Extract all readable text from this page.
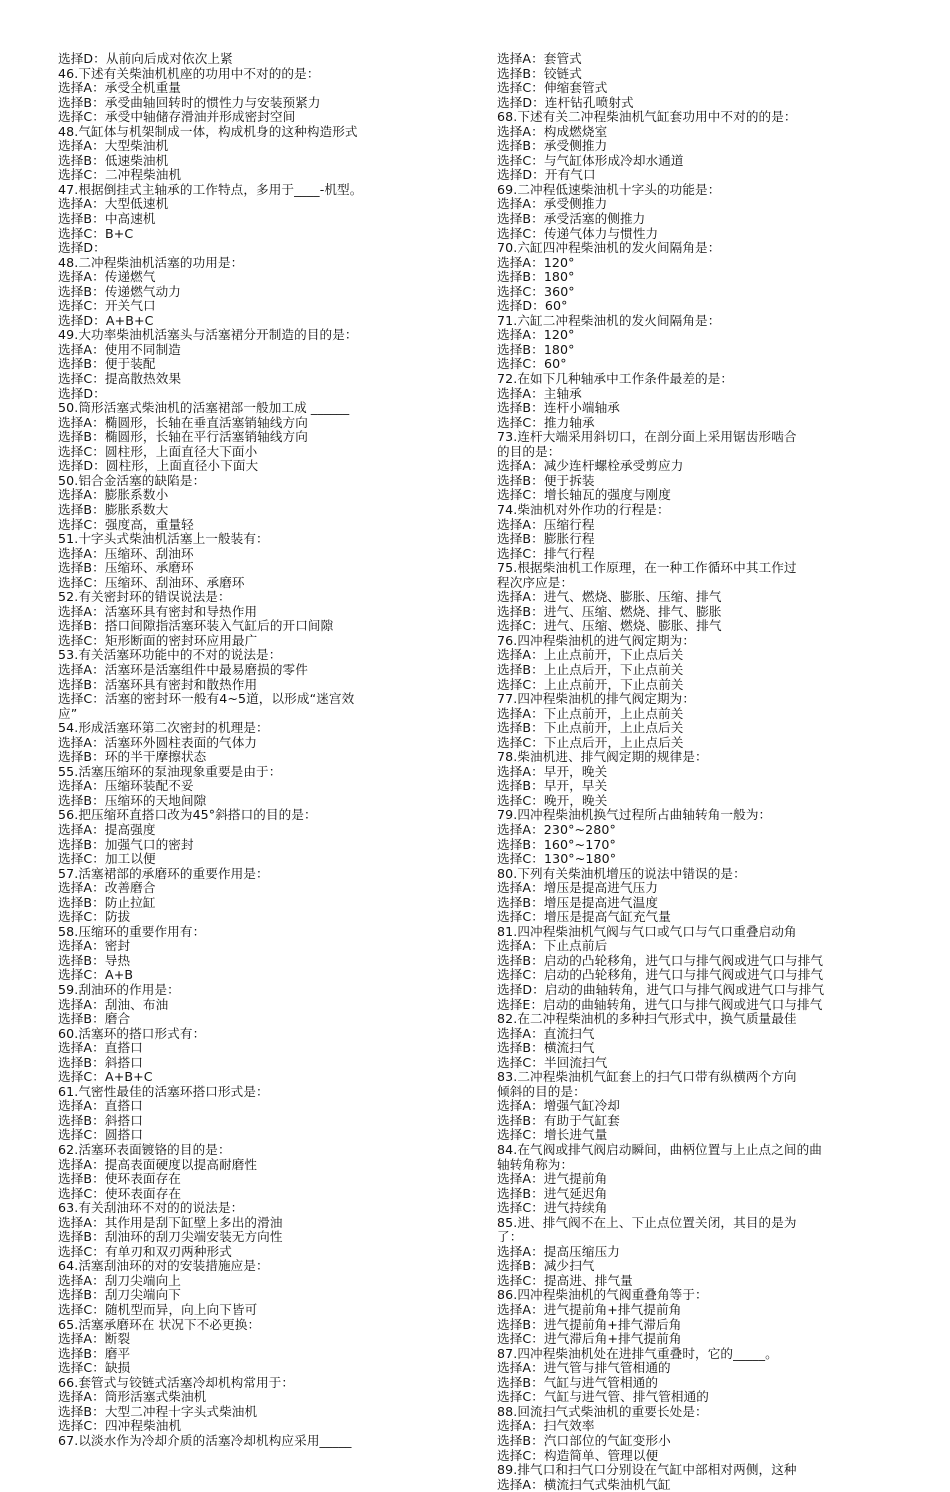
选择D：从前向后成对依次上紧
46.下述有关柴油机机座的功用中不对的的是：
选择A：承受全机重量
选择B：承受曲轴回转时的惯性力与安装预紧力
选择C：承受中轴储存滑油并形成密封空间
48.气缸体与机架制成一体，构成机身的这种构造形式
选择A：大型柴油机
选择B：低速柴油机
选择C：二冲程柴油机
47.根据倒挂式主轴承的工作特点，多用于____-机型。
选择A：大型低速机
选择B：中高速机
选择C：B+C
选择D：
48.二冲程柴油机活塞的功用是：
选择A：传递燃气
选择B：传递燃气动力
选择C：开关气口
选择D：A+B+C
49.大功率柴油机活塞头与活塞裙分开制造的目的是：
选择A：使用不同制造
选择B：便于装配
选择C：提高散热效果
选择D：
50.筒形活塞式柴油机的活塞裙部一般加工成 ______
选择A：椭圆形，长轴在垂直活塞销轴线方向
选择B：椭圆形，长轴在平行活塞销轴线方向
选择C：圆柱形，上面直径大下面小
选择D：圆柱形，上面直径小下面大
50.铝合金活塞的缺陷是：
选择A：膨胀系数小
选择B：膨胀系数大
选择C：强度高，重量轻
51.十字头式柴油机活塞上一般装有：
选择A：压缩环、刮油环
选择B：压缩环、承磨环
选择C：压缩环、刮油环、承磨环
52.有关密封环的错误说法是：
选择A：活塞环具有密封和导热作用
选择B：搭口间隙指活塞环装入气缸后的开口间隙
选择C：矩形断面的密封环应用最广
53.有关活塞环功能中的不对的说法是：
选择A：活塞环是活塞组件中最易磨损的零件
选择B：活塞环具有密封和散热作用
选择C：活塞的密封环一般有4~5道，以形成“迷宫效
应”
54.形成活塞环第二次密封的机理是：
选择A：活塞环外圆柱表面的气体力
选择B：环的半干摩擦状态
55.活塞压缩环的泵油现象重要是由于：
选择A：压缩环装配不妥
选择B：压缩环的天地间隙
56.把压缩环直搭口改为45°斜搭口的目的是：
选择A：提高强度
选择B：加强气口的密封
选择C：加工以便
57.活塞裙部的承磨环的重要作用是：
选择A：改善磨合
选择B：防止拉缸
选择C：防拔
58.压缩环的重要作用有：
选择A：密封
选择B：导热
选择C：A+B
59.刮油环的作用是：
选择A：刮油、布油
选择B：磨合
60.活塞环的搭口形式有：
选择A：直搭口
选择B：斜搭口
选择C：A+B+C
61.气密性最佳的活塞环搭口形式是：
选择A：直搭口
选择B：斜搭口
选择C：圆搭口
62.活塞环表面镀铬的目的是：
选择A：提高表面硬度以提高耐磨性
选择B：使环表面存在
选择C：使环表面存在
63.有关刮油环不对的的说法是：
选择A：其作用是刮下缸壁上多出的滑油
选择B：刮油环的刮刀尖端安装无方向性
选择C：有单刃和双刃两种形式
64.活塞刮油环的对的安装措施应是：
选择A：刮刀尖端向上
选择B：刮刀尖端向下
选择C：随机型而异，向上向下皆可
65.活塞承磨环在 状况下不必更换：
选择A：断裂
选择B：磨平
选择C：缺损
66.套管式与铰链式活塞冷却机构常用于：
选择A：筒形活塞式柴油机
选择B：大型二冲程十字头式柴油机
选择C：四冲程柴油机
67.以淡水作为冷却介质的活塞冷却机构应采用_____
选择A：套管式
选择B：铰链式
选择C：伸缩套管式
选择D：连杆钻孔喷射式
68.下述有关二冲程柴油机气缸套功用中不对的的是：
选择A：构成燃烧室
选择B：承受侧推力
选择C：与气缸体形成冷却水通道
选择D：开有气口
69.二冲程低速柴油机十字头的功能是：
选择A：承受侧推力
选择B：承受活塞的侧推力
选择C：传递气体力与惯性力
70.六缸四冲程柴油机的发火间隔角是：
选择A：120°
选择B：180°
选择C：360°
选择D：60°
71.六缸二冲程柴油机的发火间隔角是：
选择A：120°
选择B：180°
选择C：60°
72.在如下几种轴承中工作条件最差的是：
选择A：主轴承
选择B：连杆小端轴承
选择C：推力轴承
73.连杆大端采用斜切口，在剖分面上采用锯齿形啮合
的目的是：
选择A：减少连杆螺栓承受剪应力
选择B：便于拆装
选择C：增长轴瓦的强度与刚度
74.柴油机对外作功的行程是：
选择A：压缩行程
选择B：膨胀行程
选择C：排气行程
75.根据柴油机工作原理，在一种工作循环中其工作过
程次序应是：
选择A：进气、燃烧、膨胀、压缩、排气
选择B：进气、压缩、燃烧、排气、膨胀
选择C：进气、压缩、燃烧、膨胀、排气
76.四冲程柴油机的进气阀定期为：
选择A：上止点前开，下止点后关
选择B：上止点后开，下止点前关
选择C：上止点前开，下止点前关
77.四冲程柴油机的排气阀定期为：
选择A：下止点前开，上止点前关
选择B：下止点前开，上止点后关
选择C：下止点后开，上止点后关
78.柴油机进、排气阀定期的规律是：
选择A：早开，晚关
选择B：早开，早关
选择C：晚开，晚关
79.四冲程柴油机换气过程所占曲轴转角一般为：
选择A：230°~280°
选择B：160°~170°
选择C：130°~180°
80.下列有关柴油机增压的说法中错误的是：
选择A：增压是提高进气压力
选择B：增压是提高进气温度
选择C：增压是提高气缸充气量
81.四冲程柴油机气阀与气口或气口与气口重叠启动角
选择A：下止点前后
选择B：启动的凸轮移角，进气口与排气阀或进气口与排气
选择C：启动的凸轮移角，进气口与排气阀或进气口与排气
选择D：启动的曲轴转角，进气口与排气阀或进气口与排气
选择E：启动的曲轴转角，进气口与排气阀或进气口与排气
82.在二冲程柴油机的多种扫气形式中，换气质量最佳
选择A：直流扫气
选择B：横流扫气
选择C：半回流扫气
83.二冲程柴油机气缸套上的扫气口带有纵横两个方向
倾斜的目的是：
选择A：增强气缸冷却
选择B：有助于气缸套
选择C：增长进气量
84.在气阀或排气阀启动瞬间，曲柄位置与上止点之间的曲
轴转角称为：
选择A：进气提前角
选择B：进气延迟角
选择C：进气持续角
85.进、排气阀不在上、下止点位置关闭，其目的是为
了：
选择A：提高压缩压力
选择B：减少扫气
选择C：提高进、排气量
86.四冲程柴油机的气阀重叠角等于：
选择A：进气提前角+排气提前角
选择B：进气提前角+排气滞后角
选择C：进气滞后角+排气提前角
87.四冲程柴油机处在进排气重叠时，它的_____。
选择A：进气管与排气管相通的
选择B：气缸与进气管相通的
选择C：气缸与进气管、排气管相通的
88.回流扫气式柴油机的重要长处是：
选择A：扫气效率
选择B：汽口部位的气缸变形小
选择C：构造简单、管理以便
89.排气口和扫气口分别设在气缸中部相对两侧，这种
选择A：横流扫气式柴油机气缸
